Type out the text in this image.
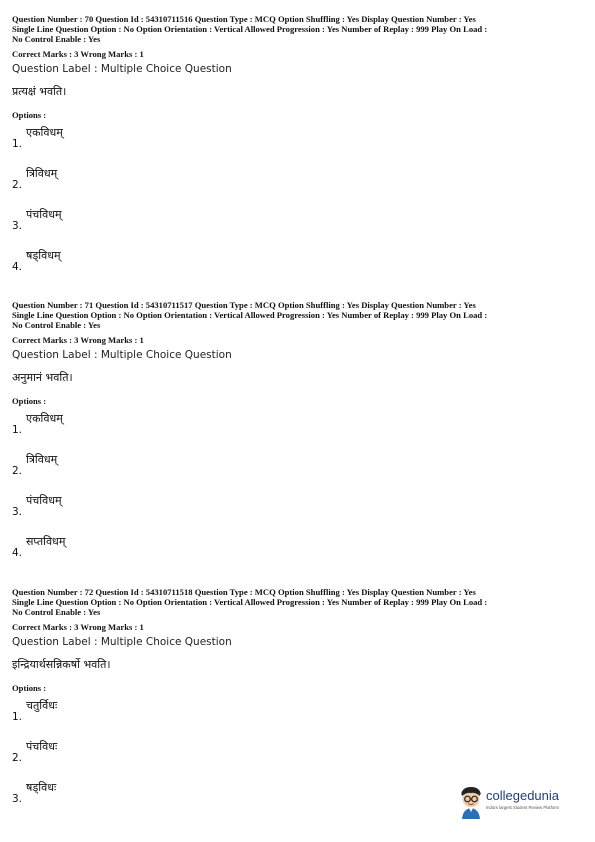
Question Number : 70 Question Id : 54310711516 Question Type : MCQ Option Shuffling : Yes Display Question Number : Yes
Single Line Question Option : No Option Orientation : Vertical Allowed Progression : Yes Number of Replay : 999 Play On Load :
No Control Enable : Yes

Correct Marks : 3 Wrong Marks : 1
Question Label : Multiple Choice Question
प्रत्यक्षं भवति।
Options :
1.
एकविधम्
2.
त्रिविधम्
3.
पंचविधम्
4.
षड्विधम्

Question Number : 71 Question Id : 54310711517 Question Type : MCQ Option Shuffling : Yes Display Question Number : Yes
Single Line Question Option : No Option Orientation : Vertical Allowed Progression : Yes Number of Replay : 999 Play On Load :
No Control Enable : Yes

Correct Marks : 3 Wrong Marks : 1
Question Label : Multiple Choice Question
अनुमानं भवति।
Options :
1.
एकविधम्
2.
त्रिविधम्
3.
पंचविधम्
4.
सप्तविधम्

Question Number : 72 Question Id : 54310711518 Question Type : MCQ Option Shuffling : Yes Display Question Number : Yes
Single Line Question Option : No Option Orientation : Vertical Allowed Progression : Yes Number of Replay : 999 Play On Load :
No Control Enable : Yes

Correct Marks : 3 Wrong Marks : 1
Question Label : Multiple Choice Question
इन्द्रियार्थसन्निकर्षो भवति।
Options :
1.
चतुर्विधः
2.
पंचविधः
3.
षड्विधः
collegedunia
India's largest Student Review Platform
